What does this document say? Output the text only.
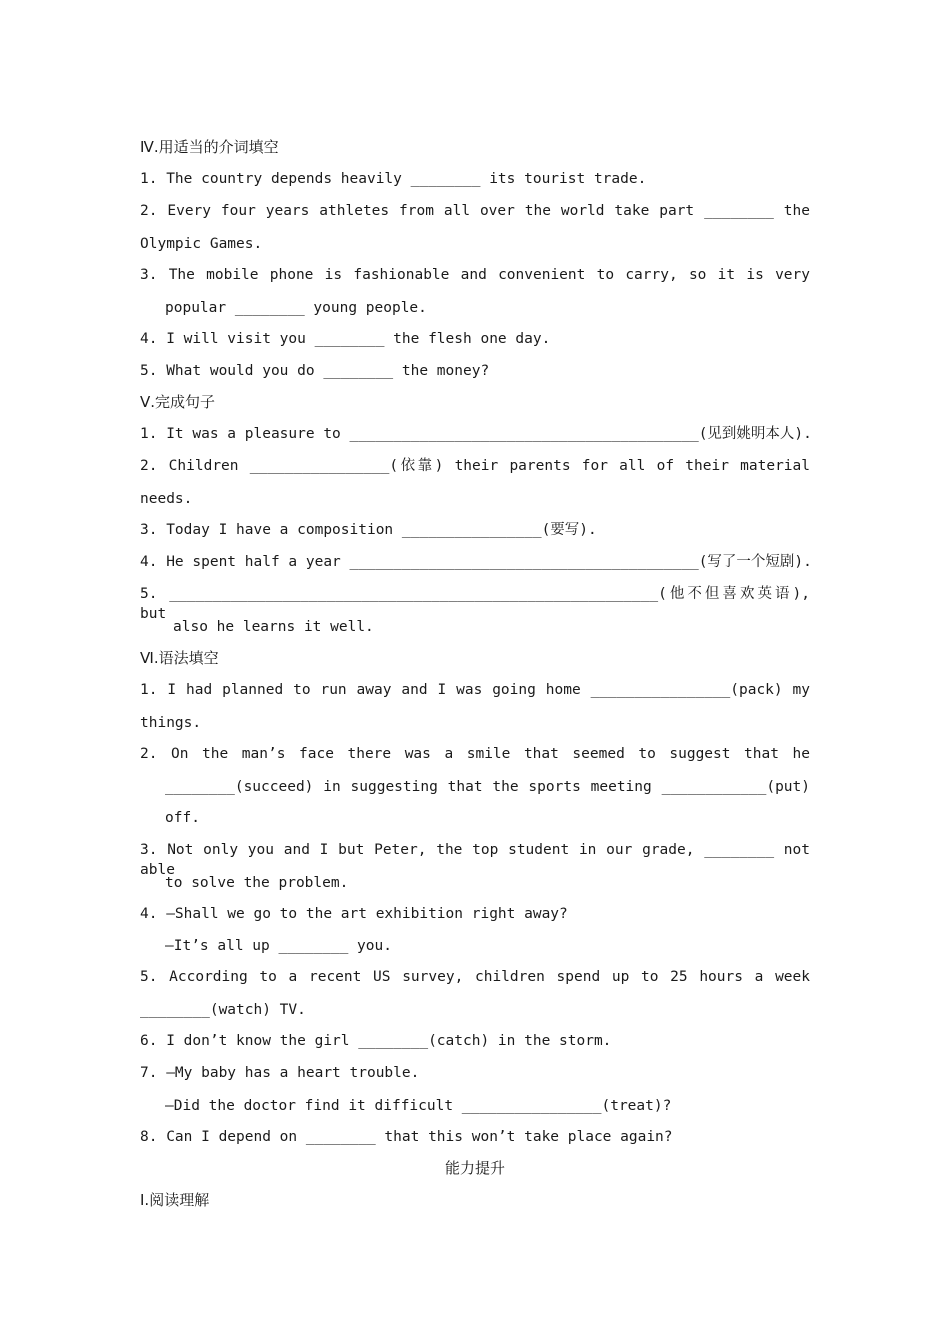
Ⅳ.用适当的介词填空
1. The country depends heavily ________ its tourist trade.
2. Every four years athletes from all over the world take part ________ the
Olympic Games.
3. The mobile phone is fashionable and convenient to carry, so it is very
popular ________ young people.
4. I will visit you ________ the flesh one day.
5. What would you do ________ the money?
Ⅴ.完成句子
1. It was a pleasure to ________________________________________(见到姚明本人).
2. Children ________________(依靠) their parents for all of their material
needs.
3. Today I have a composition ________________(要写).
4. He spent half a year ________________________________________(写了一个短剧).
5. ________________________________________________________(他不但喜欢英语), but
also he learns it well.
Ⅵ.语法填空
1. I had planned to run away and I was going home ________________(pack) my
things.
2. On the man’s face there was a smile that seemed to suggest that he
________(succeed) in suggesting that the sports meeting ____________(put)
off.
3. Not only you and I but Peter, the top student in our grade, ________ not able
to solve the problem.
4. —Shall we go to the art exhibition right away?
—It’s all up ________ you.
5. According to a recent US survey, children spend up to 25 hours a week
________(watch) TV.
6. I don’t know the girl ________(catch) in the storm.
7. —My baby has a heart trouble.
—Did the doctor find it difficult ________________(treat)?
8. Can I depend on ________ that this won’t take place again?
能力提升
Ⅰ.阅读理解
